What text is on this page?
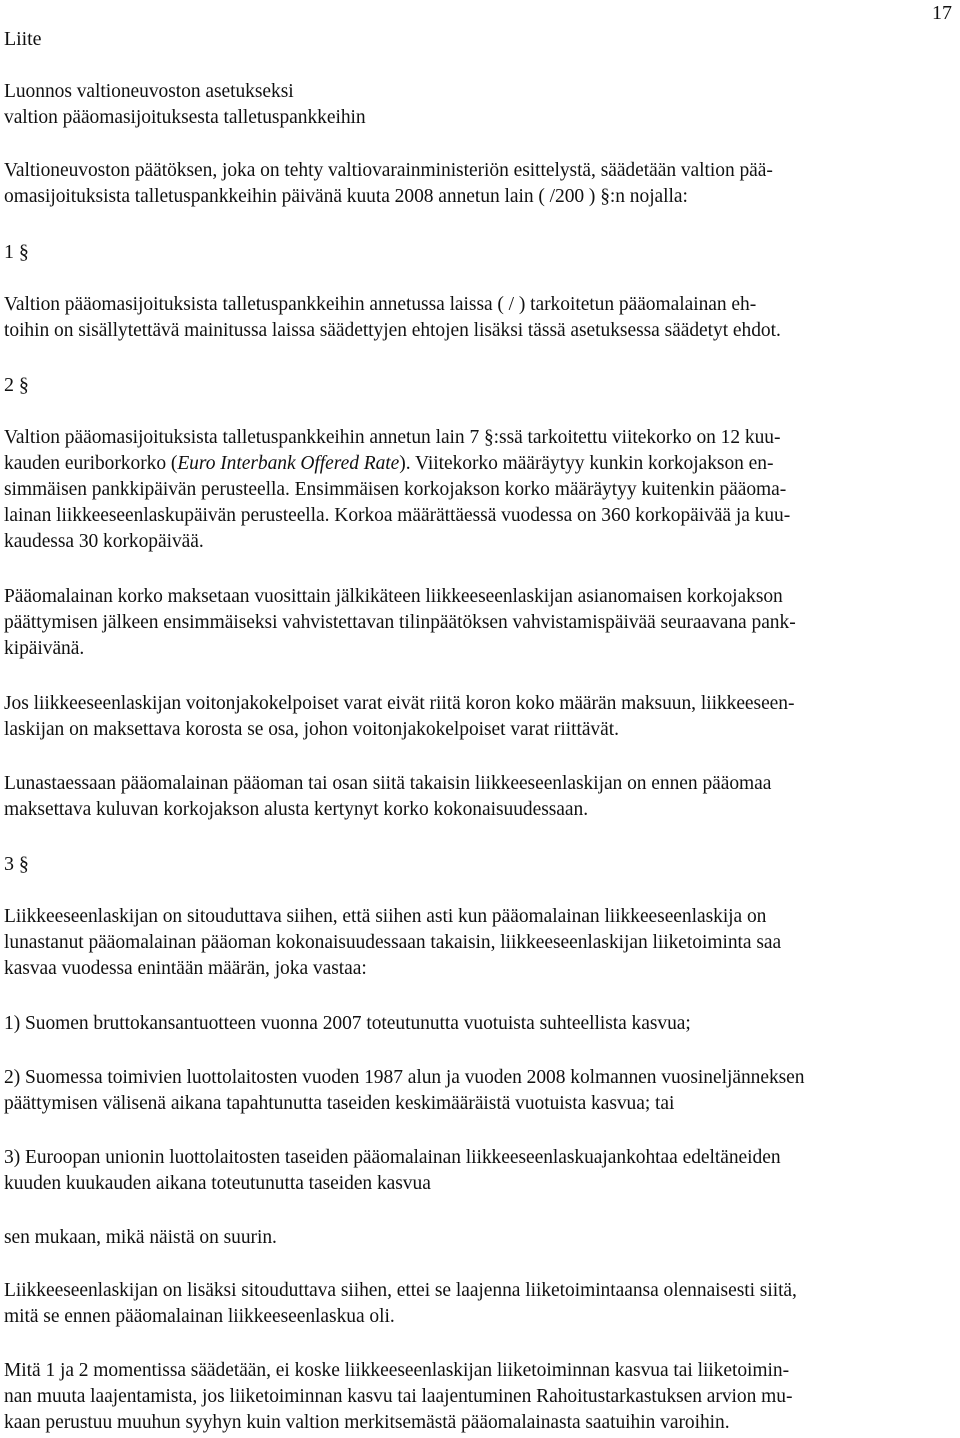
17
Liite
Luonnos valtioneuvoston asetukseksi
valtion pääomasijoituksesta talletuspankkeihin
Valtioneuvoston päätöksen, joka on tehty valtiovarainministeriön esittelystä, säädetään valtion pää-
omasijoituksista talletuspankkeihin päivänä kuuta 2008 annetun lain ( /200 ) §:n nojalla:
1 §
Valtion pääomasijoituksista talletuspankkeihin annetussa laissa ( / ) tarkoitetun pääomalainan eh-
toihin on sisällytettävä mainitussa laissa säädettyjen ehtojen lisäksi tässä asetuksessa säädetyt ehdot.
2 §
Valtion pääomasijoituksista talletuspankkeihin annetun lain 7 §:ssä tarkoitettu viitekorko on 12 kuu-
kauden euriborkorko (Euro Interbank Offered Rate). Viitekorko määräytyy kunkin korkojakson en-
simmäisen pankkipäivän perusteella. Ensimmäisen korkojakson korko määräytyy kuitenkin pääoma-
lainan liikkeeseenlaskupäivän perusteella. Korkoa määrättäessä vuodessa on 360 korkopäivää ja kuu-
kaudessa 30 korkopäivää.
Pääomalainan korko maksetaan vuosittain jälkikäteen liikkeeseenlaskijan asianomaisen korkojakson
päättymisen jälkeen ensimmäiseksi vahvistettavan tilinpäätöksen vahvistamispäivää seuraavana pank-
kipäivänä.
Jos liikkeeseenlaskijan voitonjakokelpoiset varat eivät riitä koron koko määrän maksuun, liikkeeseen-
laskijan on maksettava korosta se osa, johon voitonjakokelpoiset varat riittävät.
Lunastaessaan pääomalainan pääoman tai osan siitä takaisin liikkeeseenlaskijan on ennen pääomaa
maksettava kuluvan korkojakson alusta kertynyt korko kokonaisuudessaan.
3 §
Liikkeeseenlaskijan on sitouduttava siihen, että siihen asti kun pääomalainan liikkeeseenlaskija on
lunastanut pääomalainan pääoman kokonaisuudessaan takaisin, liikkeeseenlaskijan liiketoiminta saa
kasvaa vuodessa enintään määrän, joka vastaa:
1) Suomen bruttokansantuotteen vuonna 2007 toteutunutta vuotuista suhteellista kasvua;
2) Suomessa toimivien luottolaitosten vuoden 1987 alun ja vuoden 2008 kolmannen vuosineljänneksen
päättymisen välisenä aikana tapahtunutta taseiden keskimääräistä vuotuista kasvua; tai
3) Euroopan unionin luottolaitosten taseiden pääomalainan liikkeeseenlaskuajankohtaa edeltäneiden
kuuden kuukauden aikana toteutunutta taseiden kasvua
sen mukaan, mikä näistä on suurin.
Liikkeeseenlaskijan on lisäksi sitouduttava siihen, ettei se laajenna liiketoimintaansa olennaisesti siitä,
mitä se ennen pääomalainan liikkeeseenlaskua oli.
Mitä 1 ja 2 momentissa säädetään, ei koske liikkeeseenlaskijan liiketoiminnan kasvua tai liiketoimin-
nan muuta laajentamista, jos liiketoiminnan kasvu tai laajentuminen Rahoitustarkastuksen arvion mu-
kaan perustuu muuhun syyhyn kuin valtion merkitsemästä pääomalainasta saatuihin varoihin.
